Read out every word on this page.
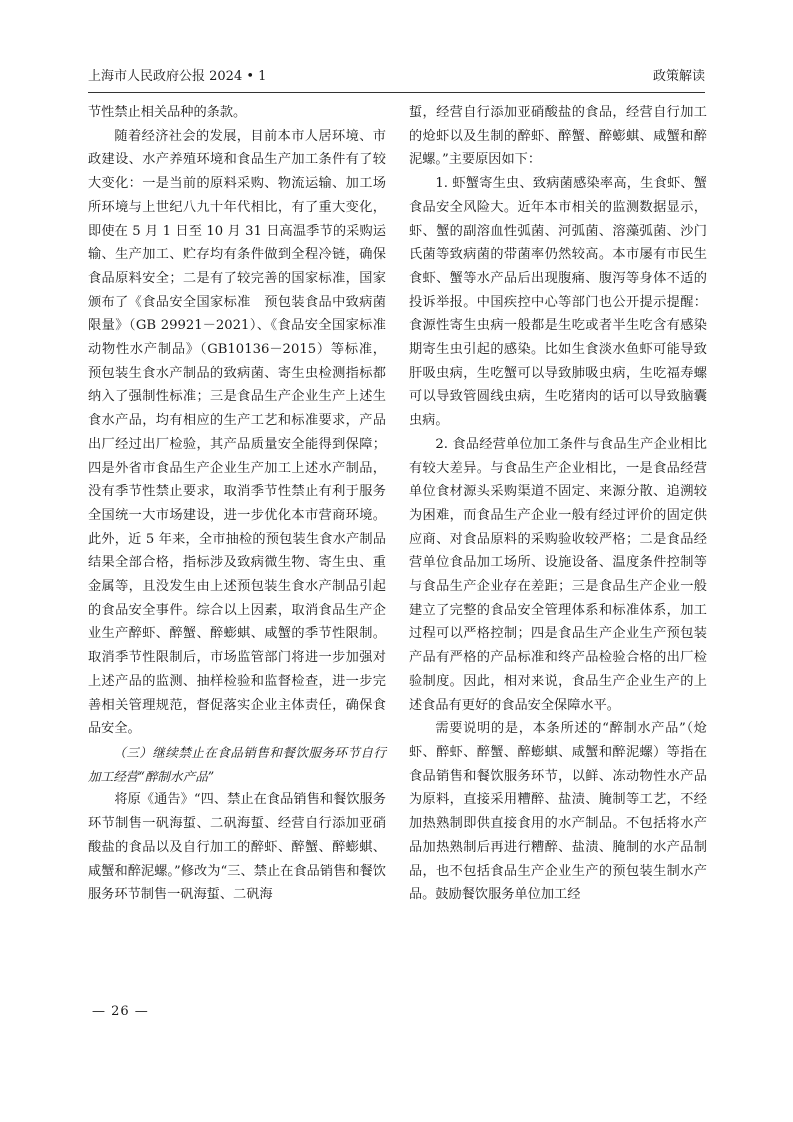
上海市人民政府公报 2024 • 1	政策解读

节性禁止相关品种的条款。

随着经济社会的发展，目前本市人居环境、市政建设、水产养殖环境和食品生产加工条件有了较大变化：一是当前的原料采购、物流运输、加工场所环境与上世纪八九十年代相比，有了重大变化，即使在 5 月 1 日至 10 月 31 日高温季节的采购运输、生产加工、贮存均有条件做到全程冷链，确保食品原料安全；二是有了较完善的国家标准，国家颁布了《食品安全国家标准　预包装食品中致病菌限量》（GB 29921－2021）、《食品安全国家标准　动物性水产制品》（GB10136－2015）等标准，预包装生食水产制品的致病菌、寄生虫检测指标都纳入了强制性标准；三是食品生产企业生产上述生食水产品，均有相应的生产工艺和标准要求，产品出厂经过出厂检验，其产品质量安全能得到保障；四是外省市食品生产企业生产加工上述水产制品，没有季节性禁止要求，取消季节性禁止有利于服务全国统一大市场建设，进一步优化本市营商环境。此外，近 5 年来，全市抽检的预包装生食水产制品结果全部合格，指标涉及致病微生物、寄生虫、重金属等，且没发生由上述预包装生食水产制品引起的食品安全事件。综合以上因素，取消食品生产企业生产醉虾、醉蟹、醉蟛蜞、咸蟹的季节性限制。取消季节性限制后，市场监管部门将进一步加强对上述产品的监测、抽样检验和监督检查，进一步完善相关管理规范，督促落实企业主体责任，确保食品安全。

（三）继续禁止在食品销售和餐饮服务环节自行加工经营“醉制水产品”

将原《通告》“四、禁止在食品销售和餐饮服务环节制售一矾海蜇、二矾海蜇、经营自行添加亚硝酸盐的食品以及自行加工的醉虾、醉蟹、醉蟛蜞、咸蟹和醉泥螺。”修改为“三、禁止在食品销售和餐饮服务环节制售一矾海蜇、二矾海

蜇，经营自行添加亚硝酸盐的食品，经营自行加工的炝虾以及生制的醉虾、醉蟹、醉蟛蜞、咸蟹和醉泥螺。”主要原因如下：

1. 虾蟹寄生虫、致病菌感染率高，生食虾、蟹食品安全风险大。近年本市相关的监测数据显示，虾、蟹的副溶血性弧菌、河弧菌、溶藻弧菌、沙门氏菌等致病菌的带菌率仍然较高。本市屡有市民生食虾、蟹等水产品后出现腹痛、腹泻等身体不适的投诉举报。中国疾控中心等部门也公开提示提醒：食源性寄生虫病一般都是生吃或者半生吃含有感染期寄生虫引起的感染。比如生食淡水鱼虾可能导致肝吸虫病，生吃蟹可以导致肺吸虫病，生吃福寿螺可以导致管圆线虫病，生吃猪肉的话可以导致脑囊虫病。

2. 食品经营单位加工条件与食品生产企业相比有较大差异。与食品生产企业相比，一是食品经营单位食材源头采购渠道不固定、来源分散、追溯较为困难，而食品生产企业一般有经过评价的固定供应商、对食品原料的采购验收较严格；二是食品经营单位食品加工场所、设施设备、温度条件控制等与食品生产企业存在差距；三是食品生产企业一般建立了完整的食品安全管理体系和标准体系，加工过程可以严格控制；四是食品生产企业生产预包装产品有严格的产品标准和终产品检验合格的出厂检验制度。因此，相对来说，食品生产企业生产的上述食品有更好的食品安全保障水平。

需要说明的是，本条所述的“醉制水产品”（炝虾、醉虾、醉蟹、醉蟛蜞、咸蟹和醉泥螺）等指在食品销售和餐饮服务环节，以鲜、冻动物性水产品为原料，直接采用糟醉、盐渍、腌制等工艺，不经加热熟制即供直接食用的水产制品。不包括将水产品加热熟制后再进行糟醉、盐渍、腌制的水产品制品，也不包括食品生产企业生产的预包装生制水产品。鼓励餐饮服务单位加工经

— 26 —
